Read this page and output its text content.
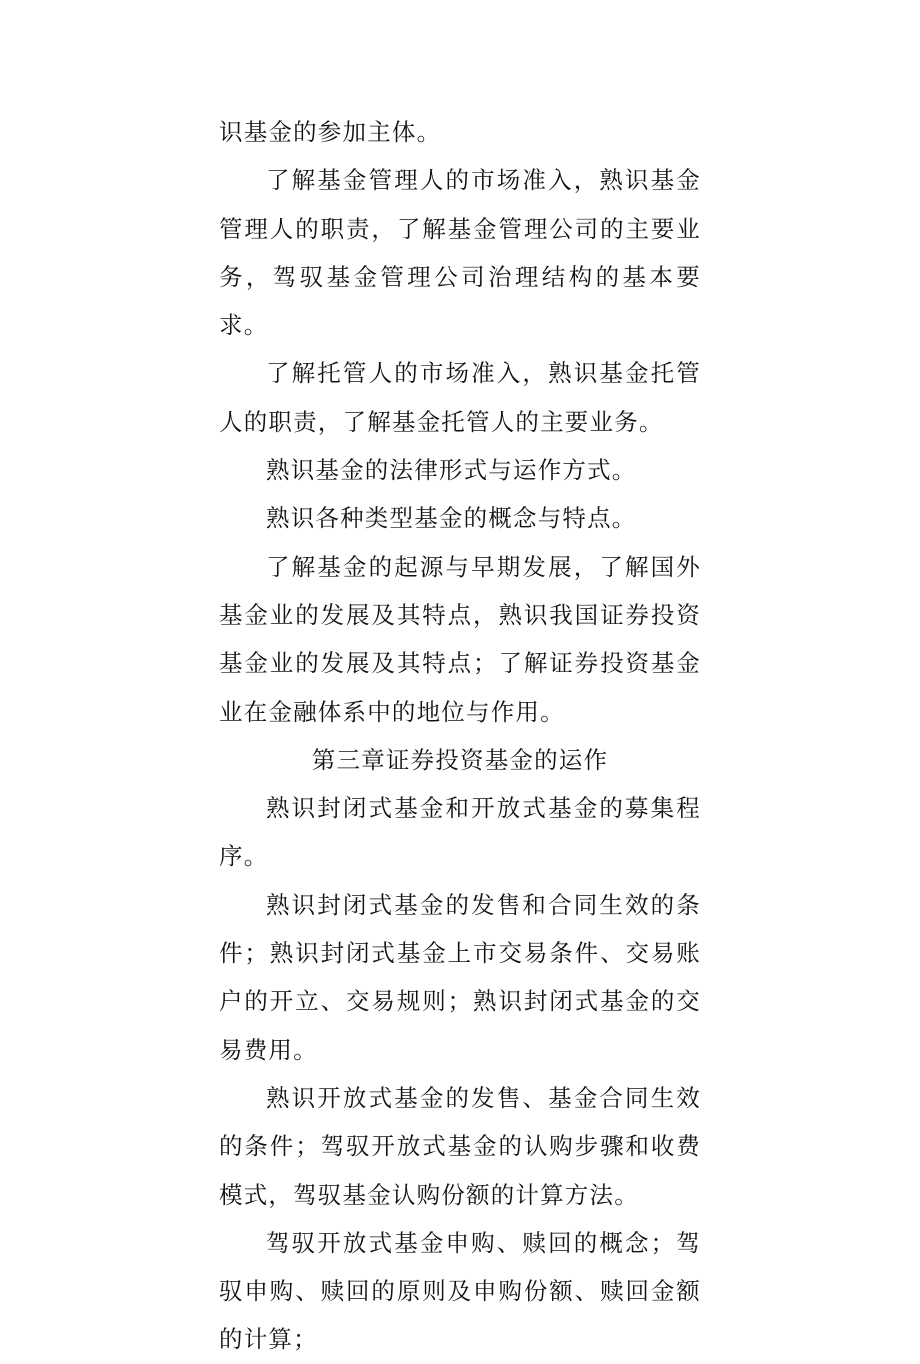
识基金的参加主体。

了解基金管理人的市场准入，熟识基金管理人的职责，了解基金管理公司的主要业务，驾驭基金管理公司治理结构的基本要求。

了解托管人的市场准入，熟识基金托管人的职责，了解基金托管人的主要业务。

熟识基金的法律形式与运作方式。

熟识各种类型基金的概念与特点。

了解基金的起源与早期发展，了解国外基金业的发展及其特点，熟识我国证券投资基金业的发展及其特点；了解证券投资基金业在金融体系中的地位与作用。

第三章证券投资基金的运作

熟识封闭式基金和开放式基金的募集程序。

熟识封闭式基金的发售和合同生效的条件；熟识封闭式基金上市交易条件、交易账户的开立、交易规则；熟识封闭式基金的交易费用。

熟识开放式基金的发售、基金合同生效的条件；驾驭开放式基金的认购步骤和收费模式，驾驭基金认购份额的计算方法。

驾驭开放式基金申购、赎回的概念；驾驭申购、赎回的原则及申购份额、赎回金额的计算；
